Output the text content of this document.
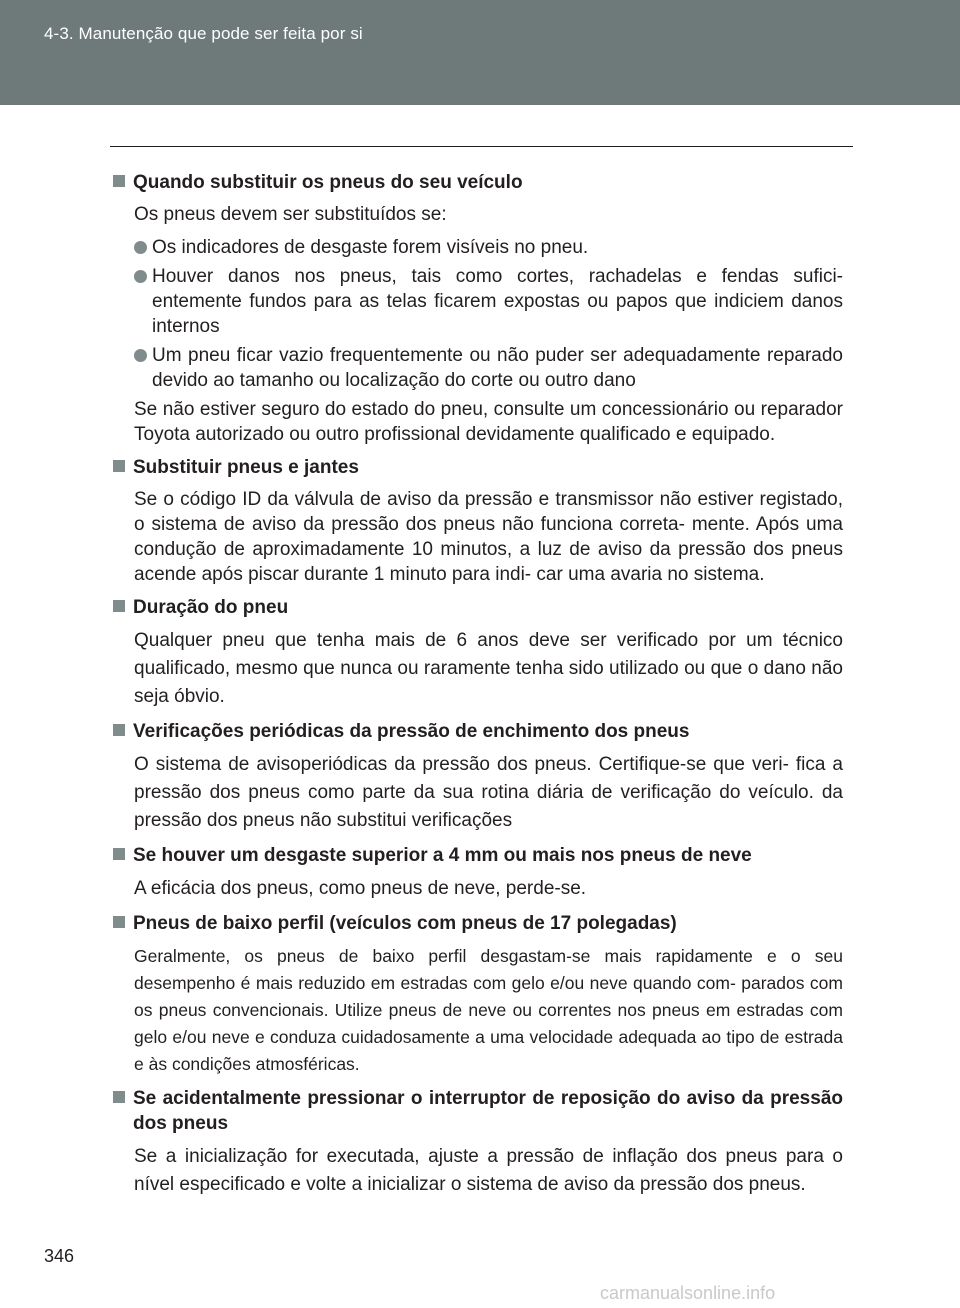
4-3. Manutenção que pode ser feita por si
Quando substituir os pneus do seu veículo
Os pneus devem ser substituídos se:
Os indicadores de desgaste forem visíveis no pneu.
Houver danos nos pneus, tais como cortes, rachadelas e fendas sufici- entemente fundos para as telas ficarem expostas ou papos que indiciem danos internos
Um pneu ficar vazio frequentemente ou não puder ser adequadamente reparado devido ao tamanho ou localização do corte ou outro dano
Se não estiver seguro do estado do pneu, consulte um concessionário ou reparador Toyota autorizado ou outro profissional devidamente qualificado e equipado.
Substituir pneus e jantes
Se o código ID da válvula de aviso da pressão e transmissor não estiver registado, o sistema de aviso da pressão dos pneus não funciona correta- mente. Após uma condução de aproximadamente 10 minutos, a luz de aviso da pressão dos pneus acende após piscar durante 1 minuto para indi- car uma avaria no sistema.
Duração do pneu
Qualquer pneu que tenha mais de 6 anos deve ser verificado por um técnico qualificado, mesmo que nunca ou raramente tenha sido utilizado ou que o dano não seja óbvio.
Verificações periódicas da pressão de enchimento dos pneus
O sistema de avisoperiódicas da pressão dos pneus. Certifique-se que veri- fica a pressão dos pneus como parte da sua rotina diária de verificação do veículo. da pressão dos pneus não substitui verificações
Se houver um desgaste superior a 4 mm ou mais nos pneus de neve
A eficácia dos pneus, como pneus de neve, perde-se.
Pneus de baixo perfil (veículos com pneus de 17 polegadas)
Geralmente, os pneus de baixo perfil desgastam-se mais rapidamente e o seu desempenho é mais reduzido em estradas com gelo e/ou neve quando com- parados com os pneus convencionais. Utilize pneus de neve ou correntes nos pneus em estradas com gelo e/ou neve e conduza cuidadosamente a uma velocidade adequada ao tipo de estrada e às condições atmosféricas.
Se acidentalmente pressionar o interruptor de reposição do aviso da pressão dos pneus
Se a inicialização for executada, ajuste a pressão de inflação dos pneus para o nível especificado e volte a inicializar o sistema de aviso da pressão dos pneus.
346
carmanualsonline.info
